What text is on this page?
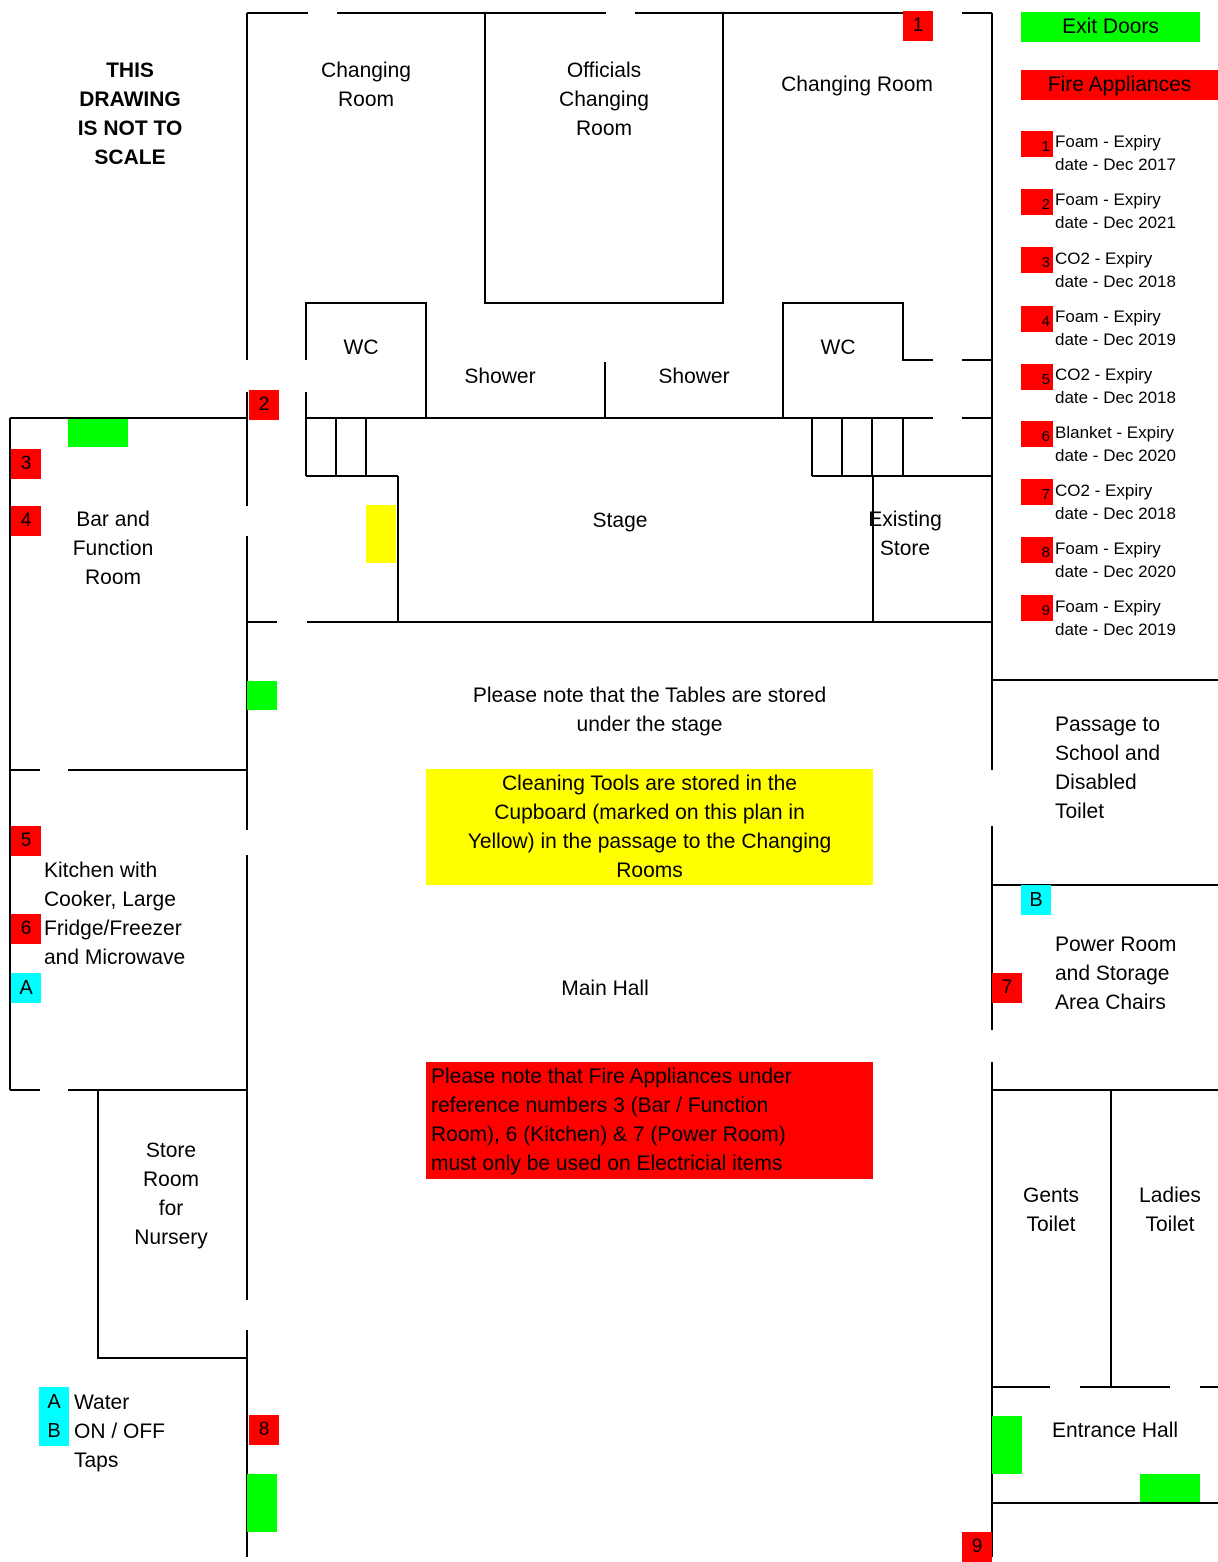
THIS
DRAWING
IS NOT TO
SCALE
Changing
Room
Officials
Changing
Room
Changing Room
WC	WC
Shower	Shower
Bar and
Function
Room
Stage	Existing
Store
Passage to
School and
Disabled
Toilet
Kitchen with
Cooker, Large
Fridge/Freezer
and Microwave
Main Hall
Power Room
and Storage
Area Chairs
Store
Room
for
Nursery
Gents
Toilet
Ladies
Toilet
Entrance Hall
Please note that the Tables are stored
under the stage
Cleaning Tools are stored in the
Cupboard (marked on this plan in
Yellow) in the passage to the Changing
Rooms
Please note that Fire Appliances under
reference numbers 3 (Bar / Function
Room), 6 (Kitchen) & 7 (Power Room)
must only be used on Electricial items
1
2
3
4
5
6
7
8
9
A
B
A
B
Water
ON / OFF
Taps
Exit Doors
Fire Appliances
1 Foam - Expiry
date - Dec 2017
2 Foam - Expiry
date - Dec 2021
3 CO2 - Expiry
date - Dec 2018
4 Foam - Expiry
date - Dec 2019
5 CO2 - Expiry
date - Dec 2018
6 Blanket - Expiry
date - Dec 2020
7 CO2 - Expiry
date - Dec 2018
8 Foam - Expiry
date - Dec 2020
9 Foam - Expiry
date - Dec 2019
